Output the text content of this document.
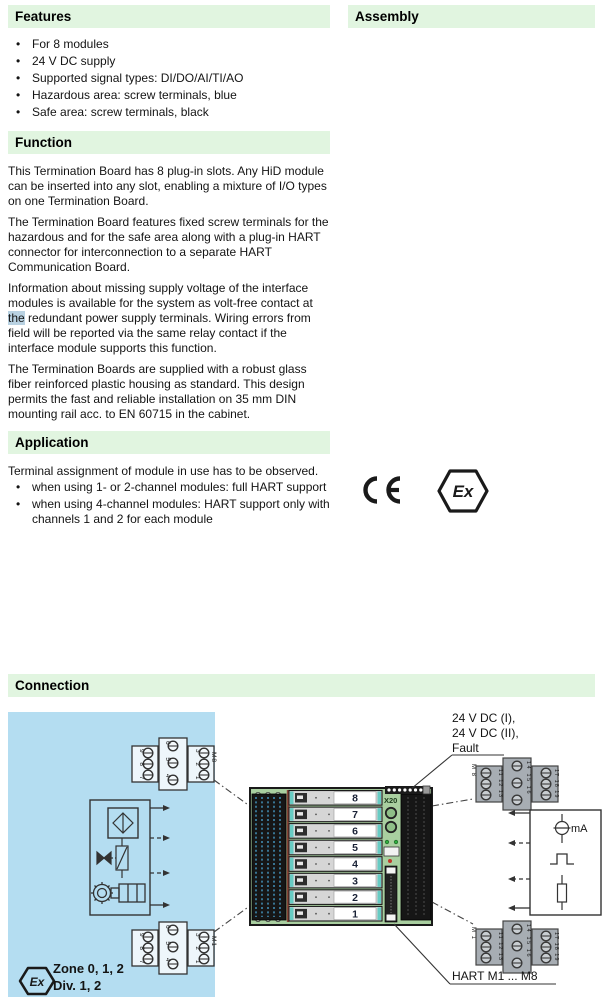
Features
• For 8 modules
• 24 V DC supply
• Supported signal types: DI/DO/AI/TI/AO
• Hazardous area: screw terminals, blue
• Safe area: screw terminals, black
Function

This Termination Board has 8 plug-in slots. Any HiD module can be inserted into any slot, enabling a mixture of I/O types on one Termination Board.

The Termination Board features fixed screw terminals for the hazardous and for the safe area along with a plug-in HART connector for interconnection to a separate HART Communication Board.

Information about missing supply voltage of the interface modules is available for the system as volt-free contact at the redundant power supply terminals. Wiring errors from field will be reported via the same relay contact if the interface module supports this function.

The Termination Boards are supplied with a robust glass fiber reinforced plastic housing as standard. This design permits the fast and reliable installation on 35 mm DIN mounting rail acc. to EN 60715 in the cabinet.

Application

Terminal assignment of module in use has to be observed.

• when using 1- or 2-channel modules: full HART support
• when using 4-channel modules: HART support only with channels 1 and 2 for each module
Assembly
Ex
Connection
9 8 7	6 5 4	3 2 1 M8
9 8 7	6 5 4	3 2 1 M1
Ex
Zone 0, 1, 2
Div. 1, 2
8
7
6
5
4
3
2
1
X20
24 V DC (I),
24 V DC (II),
Fault
M 8	11 12 13	14 15 16	17 18 19
M 1	11 12 13	14 15 16	17 18 19
mA
HART M1 ... M8
